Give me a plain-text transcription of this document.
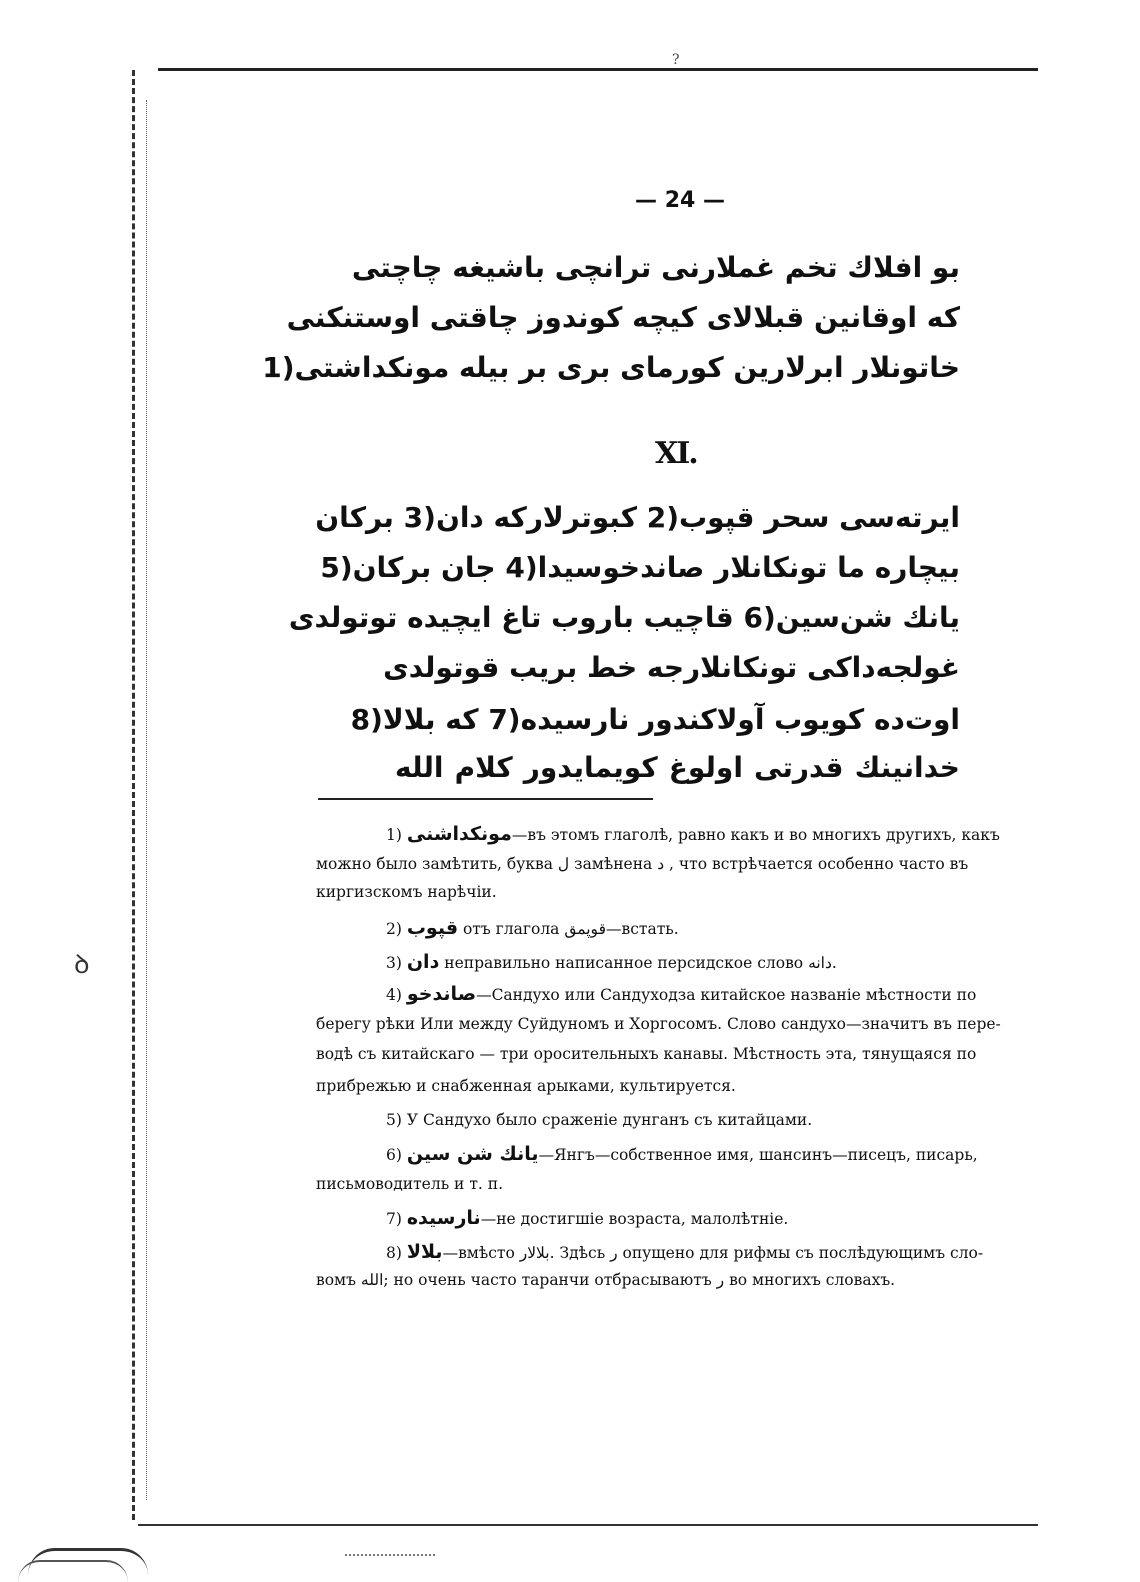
?
ꝺ
— 24 —
بو افلاك تخم غملارنی ترانچی باشیغه چاچتی
که اوقانین قبلالای کیچه کوندوز چاقتی اوستنكنی
خاتونلار ابرلارین کورمای بری بر بیله مونکداشتی(1
ایرته‌سی سحر قپوب(2 کبوترلارکه دان(3 برکان
بیچاره ما تونکانلار صاندخوسیدا(4 جان برکان(5
یانك شن‌سین(6 قاچیب باروب تاغ ایچیده توتولدی
غولجه‌داکی تونکانلارجه خط بریب قوتولدی
اوت‌ده کویوب آولاکندور نارسیده(7 که بلالا(8
خدانینك قدرتی اولوغ کویمایدور کلام الله
XI.
1) مونكداشنی—въ этомъ глаголѣ, равно какъ и во многихъ другихъ, какъ
можно было замѣтить, буква ل замѣнена د , что встрѣчается особенно часто въ
киргизскомъ нарѣчіи.
2) قپوب отъ глагола قوپمق—встать.
3) دان неправильно написанное персидское слово دانه.
4) صاندخو—Сандухо или Сандуходза китайское названіе мѣстности по
берегу рѣки Или между Суйдуномъ и Хоргосомъ. Слово сандухо—значитъ въ пере-
водѣ съ китайскаго — три оросительныхъ канавы. Мѣстность эта, тянущаяся по
прибрежью и снабженная арыками, культируется.
5) У Сандухо было сраженіе дунганъ съ китайцами.
6) یانك شن سین—Янгъ—собственное имя, шансинъ—писецъ, писарь,
письмоводитель и т. п.
7) نارسیده—не достигшіе возраста, малолѣтніе.
8) بلالا—вмѣсто بلالار. Здѣсь ر опущено для рифмы съ послѣдующимъ сло-
вомъ الله; но очень часто таранчи отбрасываютъ ر во многихъ словахъ.
